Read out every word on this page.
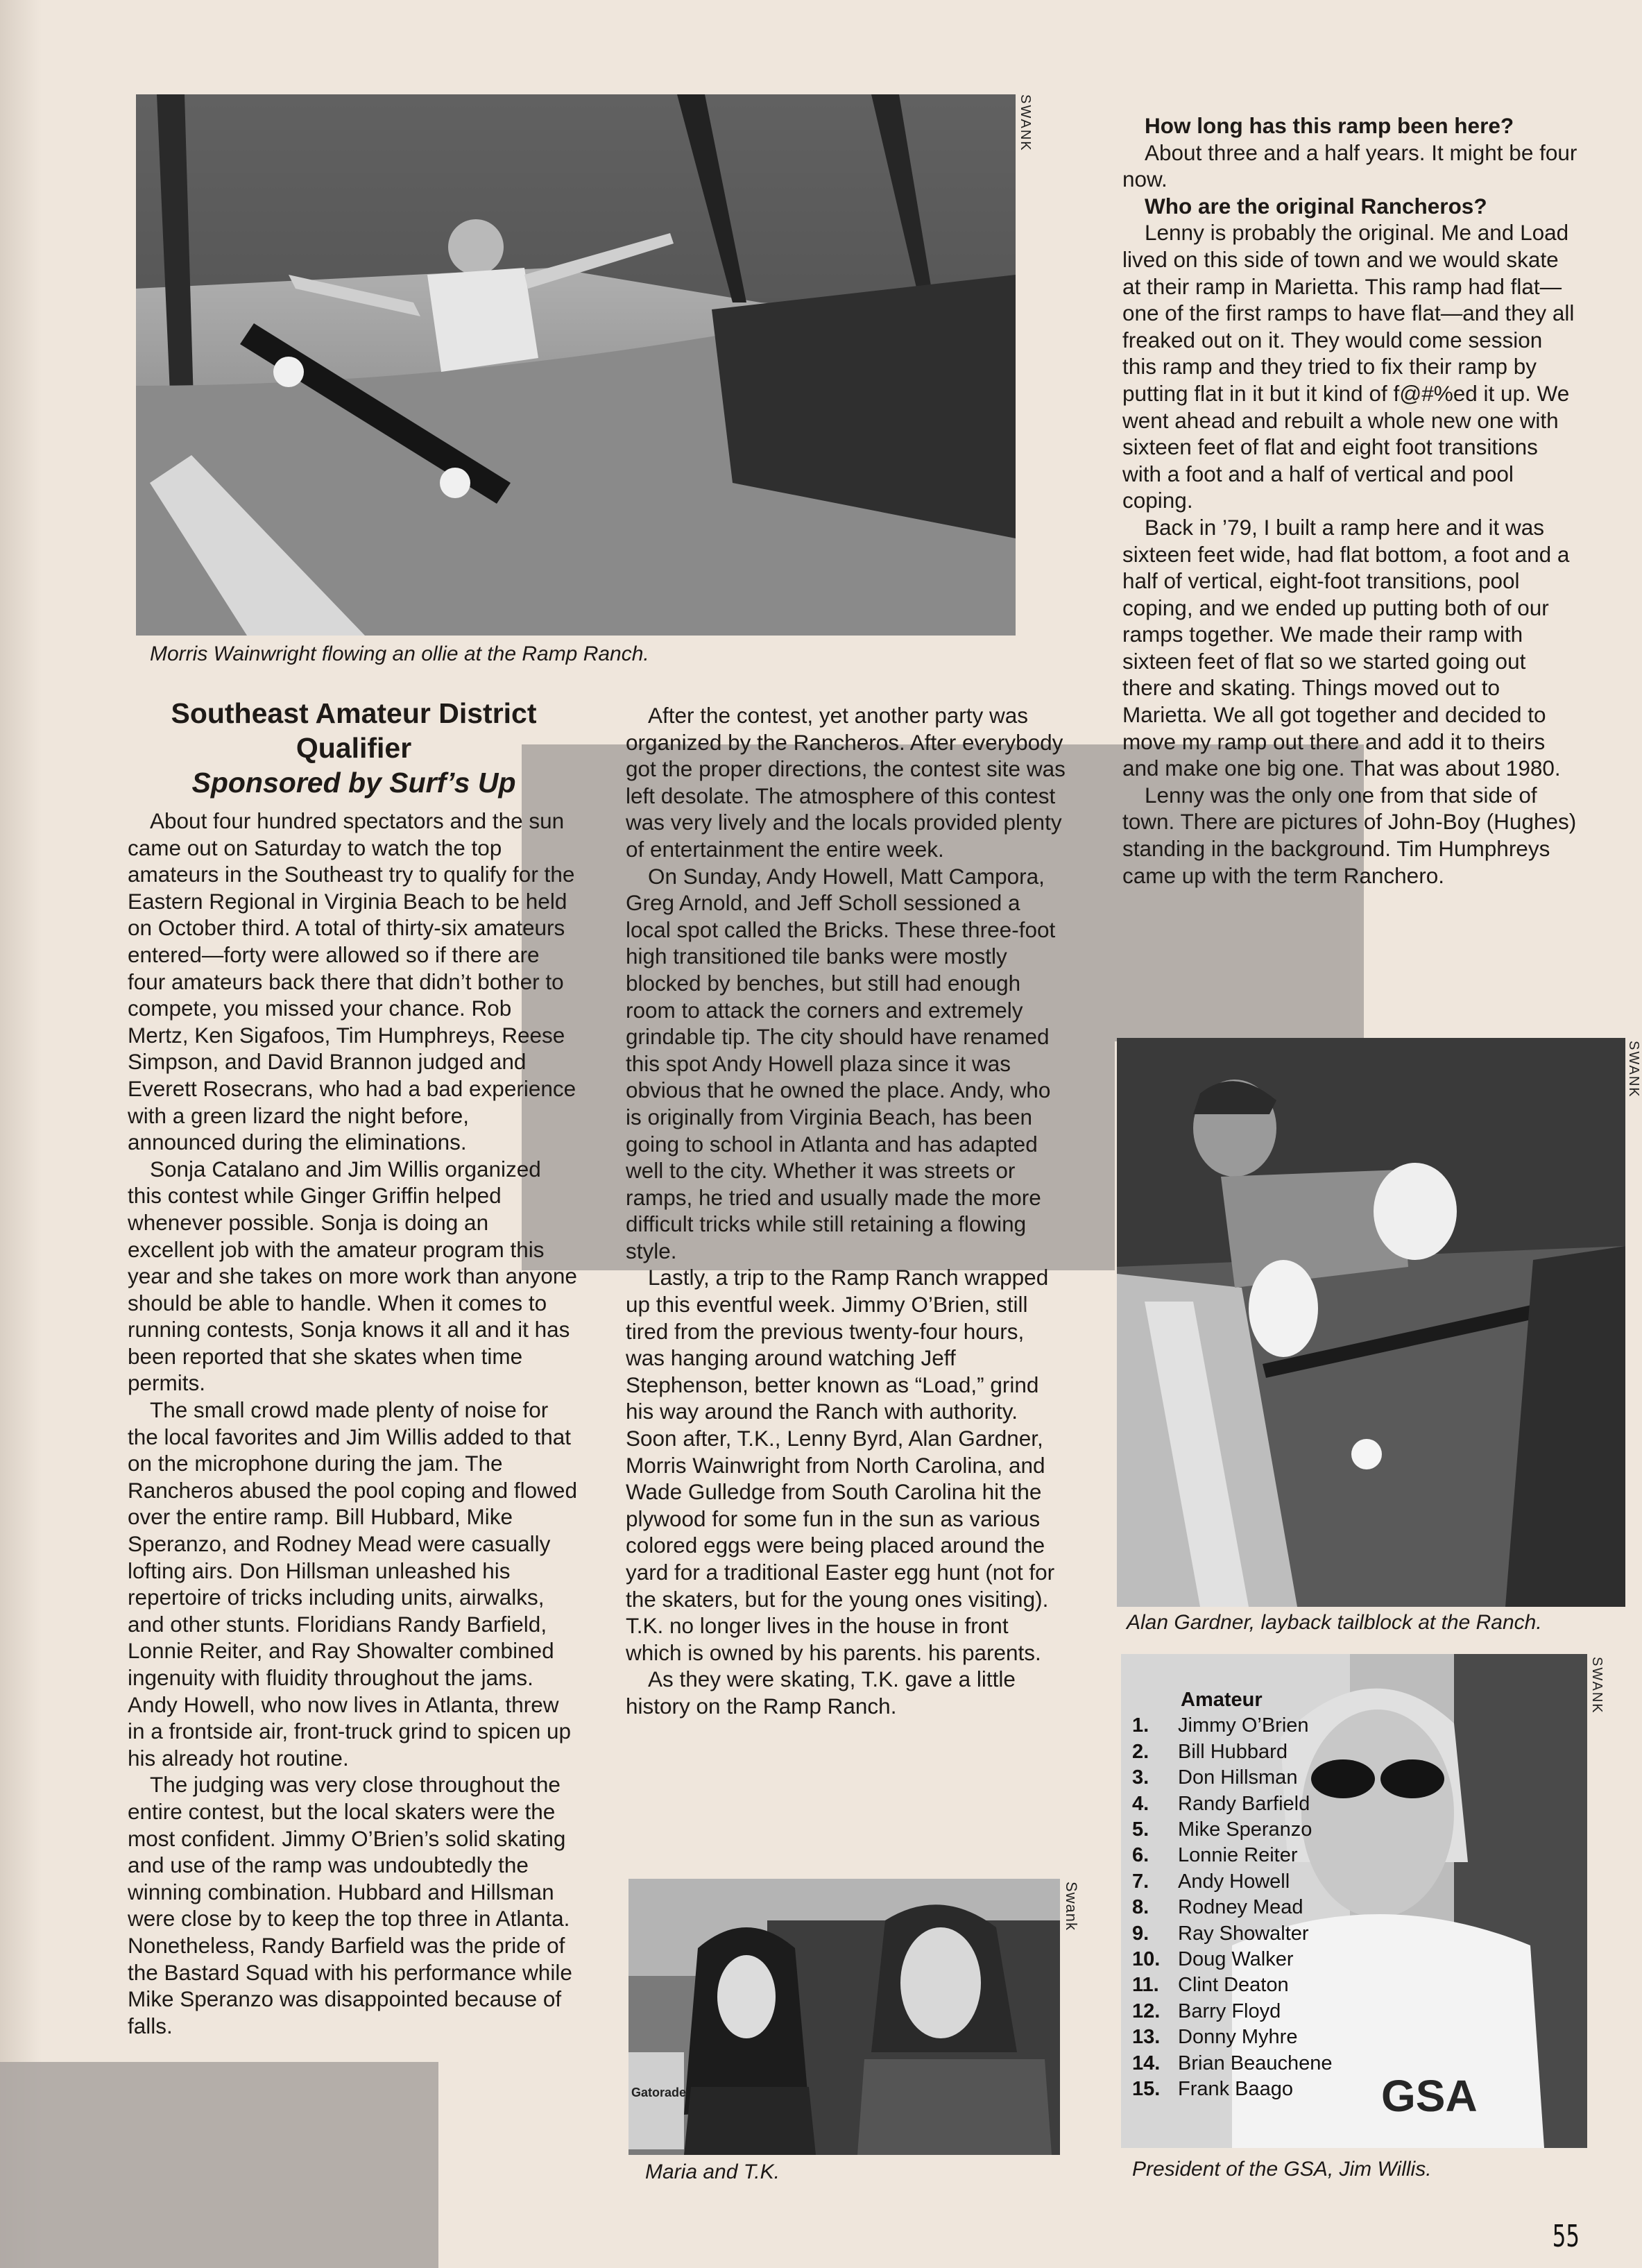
SWANK
Morris Wainwright flowing an ollie at the Ramp Ranch.
Southeast Amateur District
Qualifier
Sponsored by Surf’s Up

About four hundred spectators and the sun came out on Saturday to watch the top amateurs in the Southeast try to qualify for the Eastern Regional in Virginia Beach to be held on October third. A total of thirty-six amateurs entered—forty were allowed so if there are four amateurs back there that didn’t bother to compete, you missed your chance. Rob Mertz, Ken Sigafoos, Tim Humphreys, Reese Simpson, and David Brannon judged and Everett Rosecrans, who had a bad experience with a green lizard the night before, announced during the eliminations.

Sonja Catalano and Jim Willis organized this contest while Ginger Griffin helped whenever possible. Sonja is doing an excellent job with the amateur program this year and she takes on more work than anyone should be able to handle. When it comes to running contests, Sonja knows it all and it has been reported that she skates when time permits.

The small crowd made plenty of noise for the local favorites and Jim Willis added to that on the microphone during the jam. The Rancheros abused the pool coping and flowed over the entire ramp. Bill Hubbard, Mike Speranzo, and Rodney Mead were casually lofting airs. Don Hillsman unleashed his repertoire of tricks including units, airwalks, and other stunts. Floridians Randy Barfield, Lonnie Reiter, and Ray Showalter combined ingenuity with fluidity throughout the jams. Andy Howell, who now lives in Atlanta, threw in a frontside air, front-truck grind to spicen up his already hot routine.

The judging was very close throughout the entire contest, but the local skaters were the most confident. Jimmy O’Brien’s solid skating and use of the ramp was undoubtedly the winning combination. Hubbard and Hillsman were close by to keep the top three in Atlanta. Nonetheless, Randy Barfield was the pride of the Bastard Squad with his performance while Mike Speranzo was disappointed because of falls.

After the contest, yet another party was organized by the Rancheros. After everybody got the proper directions, the contest site was left desolate. The atmosphere of this contest was very lively and the locals provided plenty of entertainment the entire week.

On Sunday, Andy Howell, Matt Campora, Greg Arnold, and Jeff Scholl sessioned a local spot called the Bricks. These three-foot high transitioned tile banks were mostly blocked by benches, but still had enough room to attack the corners and extremely grindable tip. The city should have renamed this spot Andy Howell plaza since it was obvious that he owned the place. Andy, who is originally from Virginia Beach, has been going to school in Atlanta and has adapted well to the city. Whether it was streets or ramps, he tried and usually made the more difficult tricks while still retaining a flowing style.

Lastly, a trip to the Ramp Ranch wrapped up this eventful week. Jimmy O’Brien, still tired from the previous twenty-four hours, was hanging around watching Jeff Stephenson, better known as “Load,” grind his way around the Ranch with authority. Soon after, T.K., Lenny Byrd, Alan Gardner, Morris Wainwright from North Carolina, and Wade Gulledge from South Carolina hit the plywood for some fun in the sun as various colored eggs were being placed around the yard for a traditional Easter egg hunt (not for the skaters, but for the young ones visiting). T.K. no longer lives in the house in front which is owned by his parents. his parents.

As they were skating, T.K. gave a little history on the Ramp Ranch.

Gatorade
Swank
Maria and T.K.
How long has this ramp been here?

About three and a half years. It might be four now.

Who are the original Rancheros?

Lenny is probably the original. Me and Load lived on this side of town and we would skate at their ramp in Marietta. This ramp had flat—one of the first ramps to have flat—and they all freaked out on it. They would come session this ramp and they tried to fix their ramp by putting flat in it but it kind of f@#%ed it up. We went ahead and rebuilt a whole new one with sixteen feet of flat and eight foot transitions with a foot and a half of vertical and pool coping.

Back in ’79, I built a ramp here and it was sixteen feet wide, had flat bottom, a foot and a half of vertical, eight-foot transitions, pool coping, and we ended up putting both of our ramps together. We made their ramp with sixteen feet of flat so we started going out there and skating. Things moved out to Marietta. We all got together and decided to move my ramp out there and add it to theirs and make one big one. That was about 1980.

Lenny was the only one from that side of town. There are pictures of John-Boy (Hughes) standing in the background. Tim Humphreys came up with the term Ranchero.

SWANK
Alan Gardner, layback tailblock at the Ranch.
GSA
Amateur
1.	Jimmy O’Brien
2.	Bill Hubbard
3.	Don Hillsman
4.	Randy Barfield
5.	Mike Speranzo
6.	Lonnie Reiter
7.	Andy Howell
8.	Rodney Mead
9.	Ray Showalter
10. Doug Walker
11. Clint Deaton
12. Barry Floyd
13. Donny Myhre
14. Brian Beauchene
15. Frank Baago
SWANK
President of the GSA, Jim Willis.
55
